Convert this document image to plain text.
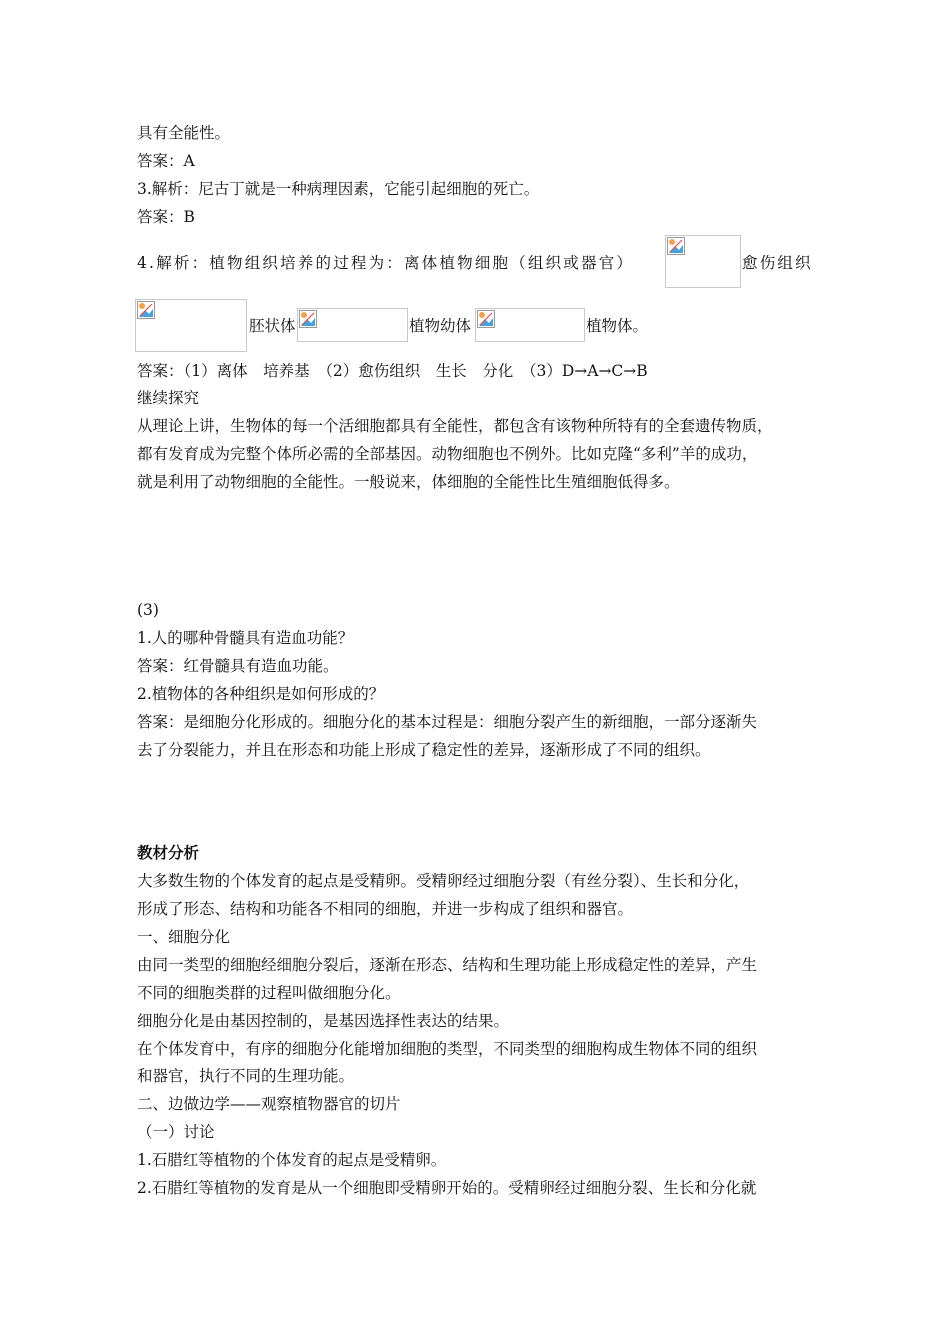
具有全能性。
答案：A
3.解析：尼古丁就是一种病理因素，它能引起细胞的死亡。
答案：B
4.解析：植物组织培养的过程为：离体植物细胞（组织或器官）	愈伤组织
胚状体	植物幼体	植物体。
答案：（1）离体　培养基　（2）愈伤组织　生长　分化　（3）D→A→C→B
继续探究
从理论上讲，生物体的每一个活细胞都具有全能性，都包含有该物种所特有的全套遗传物质，
都有发育成为完整个体所必需的全部基因。动物细胞也不例外。比如克隆“多利”羊的成功，
就是利用了动物细胞的全能性。一般说来，体细胞的全能性比生殖细胞低得多。
(3)
1.人的哪种骨髓具有造血功能？
答案：红骨髓具有造血功能。
2.植物体的各种组织是如何形成的？
答案：是细胞分化形成的。细胞分化的基本过程是：细胞分裂产生的新细胞，一部分逐渐失
去了分裂能力，并且在形态和功能上形成了稳定性的差异，逐渐形成了不同的组织。
教材分析
大多数生物的个体发育的起点是受精卵。受精卵经过细胞分裂（有丝分裂）、生长和分化，
形成了形态、结构和功能各不相同的细胞，并进一步构成了组织和器官。
一、细胞分化
由同一类型的细胞经细胞分裂后，逐渐在形态、结构和生理功能上形成稳定性的差异，产生
不同的细胞类群的过程叫做细胞分化。
细胞分化是由基因控制的，是基因选择性表达的结果。
在个体发育中，有序的细胞分化能增加细胞的类型，不同类型的细胞构成生物体不同的组织
和器官，执行不同的生理功能。
二、边做边学——观察植物器官的切片
（一）讨论
1.石腊红等植物的个体发育的起点是受精卵。
2.石腊红等植物的发育是从一个细胞即受精卵开始的。受精卵经过细胞分裂、生长和分化就
